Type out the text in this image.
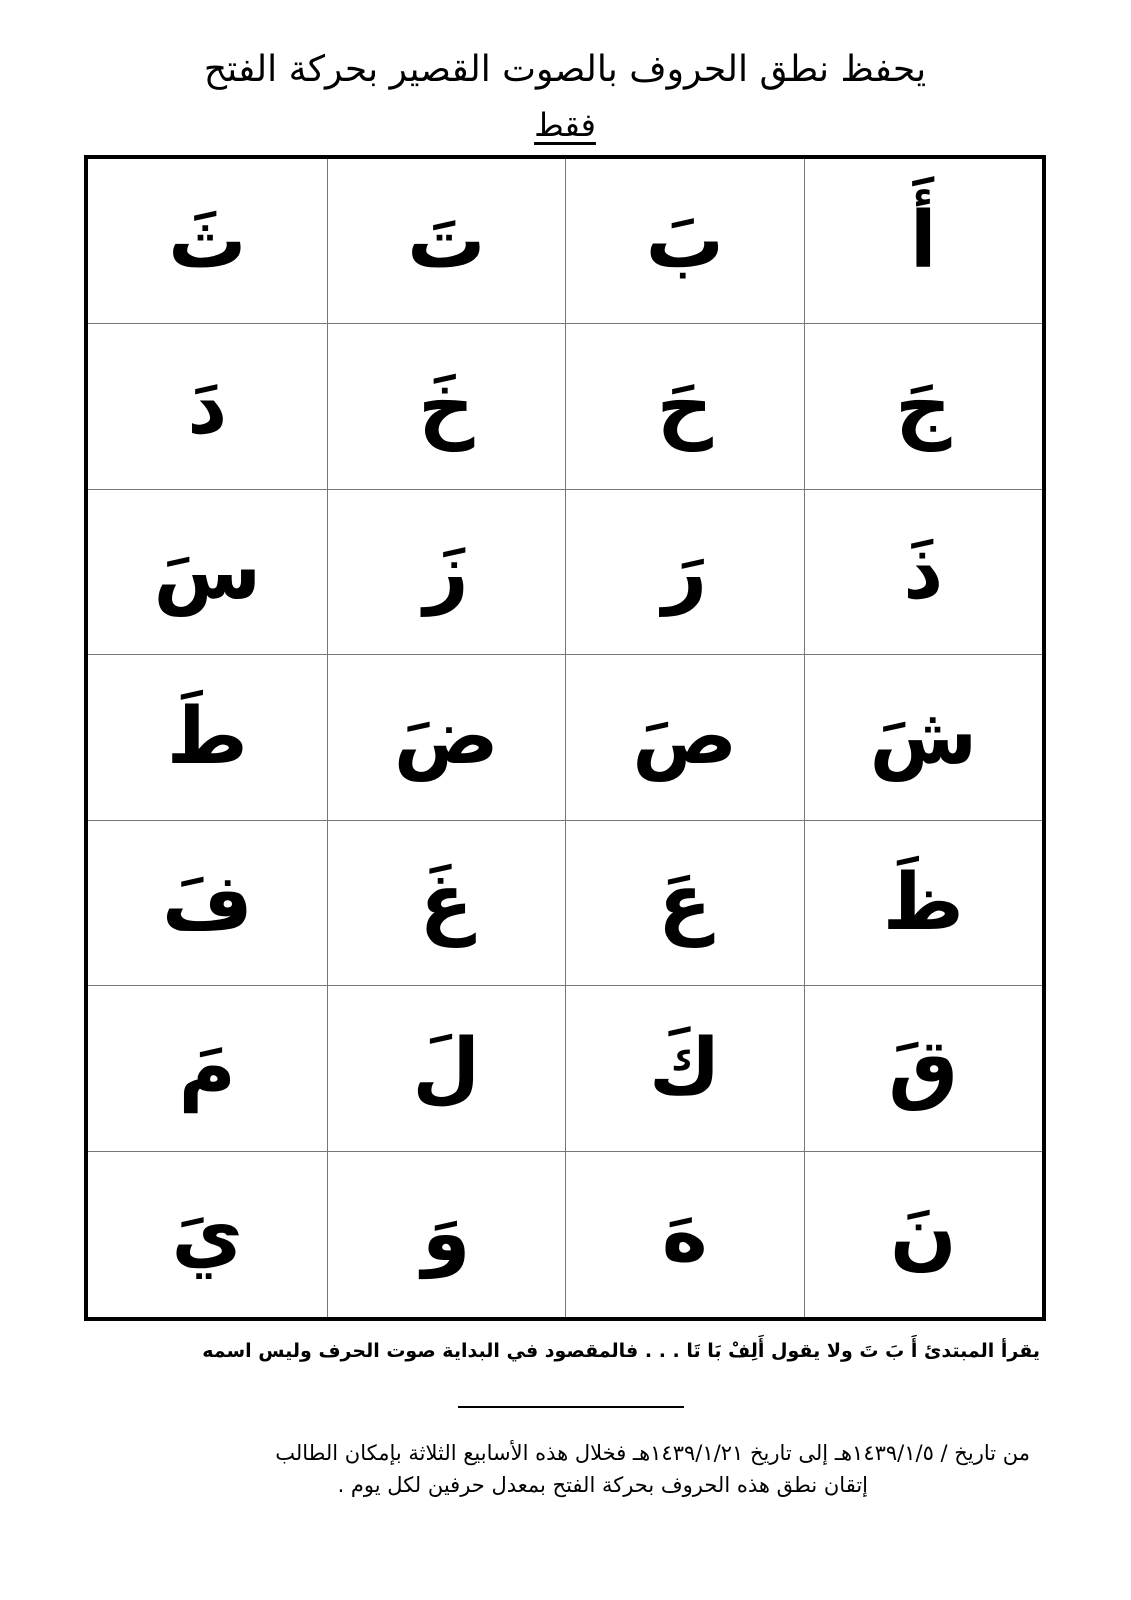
يحفظ نطق الحروف بالصوت القصير بحركة الفتح
فقط
أَ
بَ
تَ
ثَ
جَ
حَ
خَ
دَ
ذَ
رَ
زَ
سَ
شَ
صَ
ضَ
طَ
ظَ
عَ
غَ
فَ
قَ
كَ
لَ
مَ
نَ
هَ
وَ
يَ
يقرأ المبتدئ أَ بَ تَ ولا يقول أَلِفْ بَا تَا . . . فالمقصود في البداية صوت الحرف وليس اسمه
من تاريخ / ١٤٣٩/١/٥هـ إلى تاريخ ١٤٣٩/١/٢١هـ فخلال هذه الأسابيع الثلاثة بإمكان الطالب
إتقان نطق هذه الحروف بحركة الفتح بمعدل حرفين لكل يوم .
